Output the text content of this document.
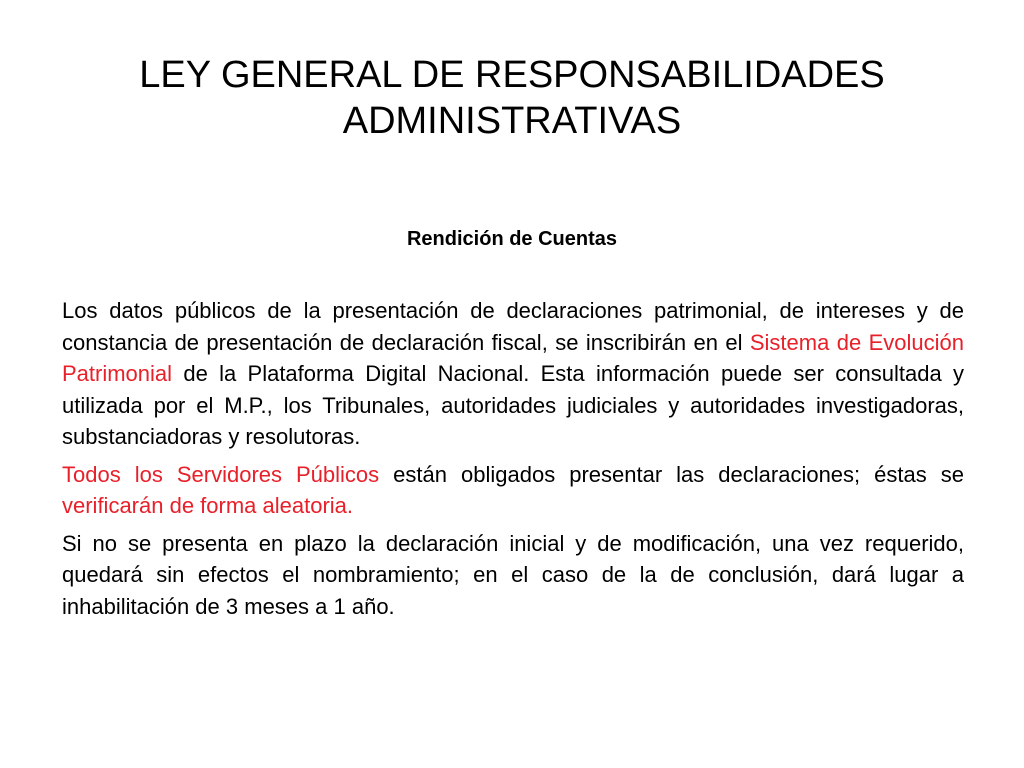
LEY GENERAL DE RESPONSABILIDADES
ADMINISTRATIVAS
Rendición de Cuentas

Los datos públicos de la presentación de declaraciones patrimonial, de intereses y de constancia de presentación de declaración fiscal, se inscribirán en el Sistema de Evolución Patrimonial de la Plataforma Digital Nacional. Esta información puede ser consultada y utilizada por el M.P., los Tribunales, autoridades judiciales y autoridades investigadoras, substanciadoras y resolutoras.

Todos los Servidores Públicos están obligados presentar las declaraciones; éstas se verificarán de forma aleatoria.

Si no se presenta en plazo la declaración inicial y de modificación, una vez requerido, quedará sin efectos el nombramiento; en el caso de la de conclusión, dará lugar a inhabilitación de 3 meses a 1 año.
